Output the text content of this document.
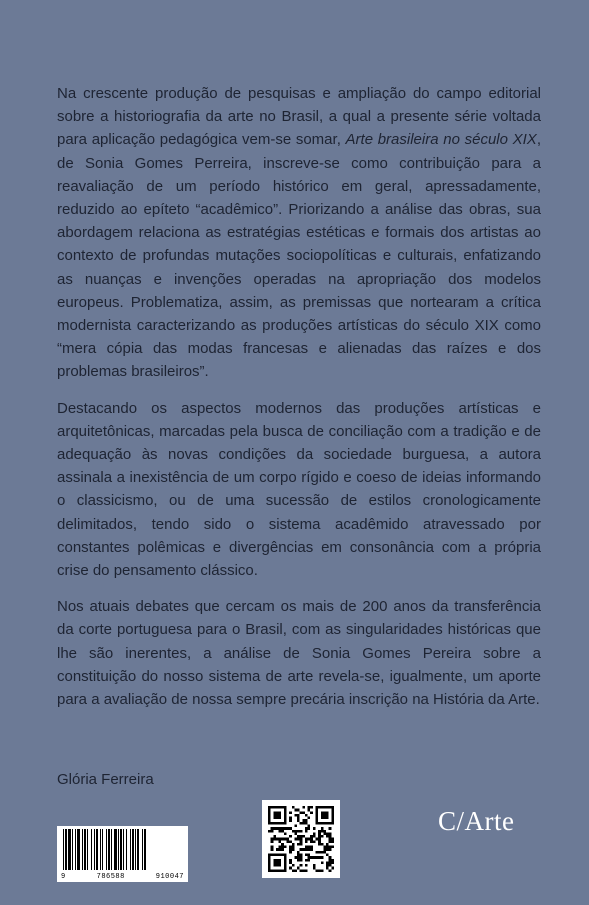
Na crescente produção de pesquisas e ampliação do campo editorial sobre a historiografia da arte no Brasil, a qual a presente série voltada para aplicação pedagógica vem-se somar, Arte brasileira no século XIX, de Sonia Gomes Perreira, inscreve-se como contribuição para a reavaliação de um período histórico em geral, apressadamente, reduzido ao epíteto “acadêmico”. Priorizando a análise das obras, sua abordagem relaciona as estratégias estéticas e formais dos artistas ao contexto de profundas mutações sociopolíticas e culturais, enfatizando as nuanças e invenções operadas na apropriação dos modelos europeus. Problematiza, assim, as premissas que nortearam a crítica modernista caracterizando as produções artísticas do século XIX como “mera cópia das modas francesas e alienadas das raízes e dos problemas brasileiros”.

Destacando os aspectos modernos das produções artísticas e arquitetônicas, marcadas pela busca de conciliação com a tradição e de adequação às novas condições da sociedade burguesa, a autora assinala a inexistência de um corpo rígido e coeso de ideias informando o classicismo, ou de uma sucessão de estilos cronologicamente delimitados, tendo sido o sistema acadêmido atravessado por constantes polêmicas e divergências em consonância com a própria crise do pensamento clássico.

Nos atuais debates que cercam os mais de 200 anos da transferência da corte portuguesa para o Brasil, com as singularidades históricas que lhe são inerentes, a análise de Sonia Gomes Pereira sobre a constituição do nosso sistema de arte revela-se, igualmente, um aporte para a avaliação de nossa sempre precária inscrição na História da Arte.

Glória Ferreira
9	786588	910047
C/Arte
